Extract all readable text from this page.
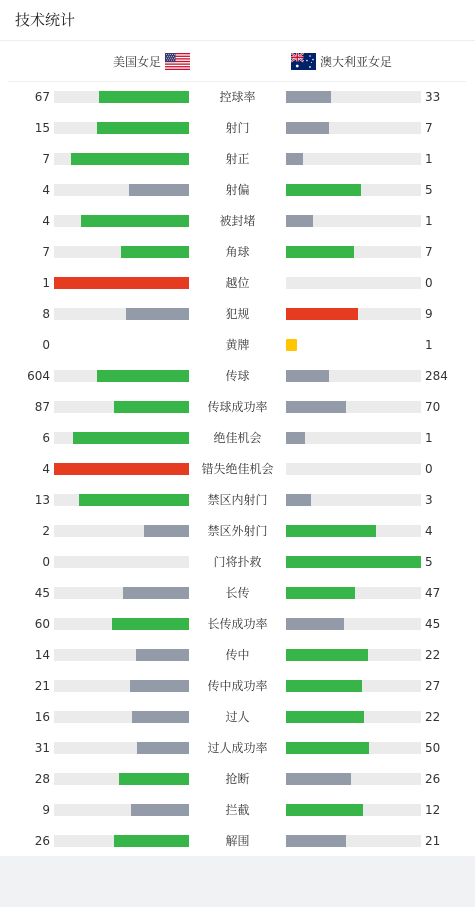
技术统计
美国女足	澳大利亚女足
67	控球率	33
15	射门	7
7	射正	1
4	射偏	5
4	被封堵	1
7	角球	7
1	越位	0
8	犯规	9
0	黄牌	1
604	传球	284
87	传球成功率	70
6	绝佳机会	1
4	错失绝佳机会	0
13	禁区内射门	3
2	禁区外射门	4
0	门将扑救	5
45	长传	47
60	长传成功率	45
14	传中	22
21	传中成功率	27
16	过人	22
31	过人成功率	50
28	抢断	26
9	拦截	12
26	解围	21
